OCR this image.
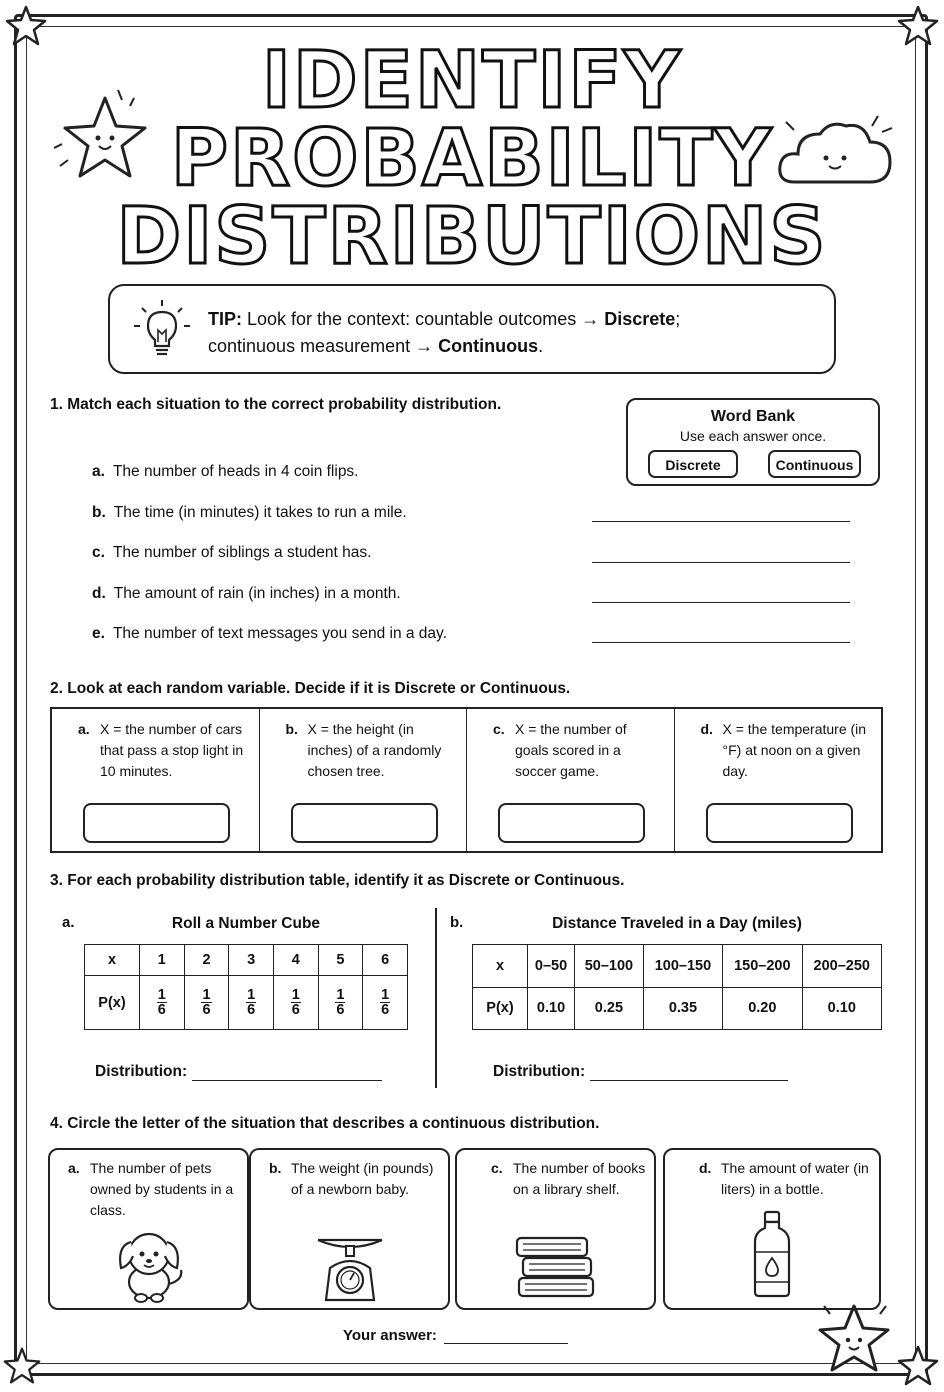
IDENTIFY
PROBABILITY
DISTRIBUTIONS
TIP: Look for the context: countable outcomes → Discrete;
continuous measurement → Continuous.
1. Match each situation to the correct probability distribution.
Word Bank
Use each answer once.
Discrete	Continuous
a. The number of heads in 4 coin flips.
b. The time (in minutes) it takes to run a mile.
c. The number of siblings a student has.
d. The amount of rain (in inches) in a month.
e. The number of text messages you send in a day.
2. Look at each random variable. Decide if it is Discrete or Continuous.
a. X = the number of cars that pass a stop light in 10 minutes.
b. X = the height (in inches) of a randomly chosen tree.
c. X = the number of goals scored in a soccer game.
d. X = the temperature (in °F) at noon on a given day.
3. For each probability distribution table, identify it as Discrete or Continuous.
a.	Roll a Number Cube
x	1	2	3	4	5	6
P(x)	$\frac{1}{6}$	$\frac{1}{6}$	$\frac{1}{6}$	$\frac{1}{6}$	$\frac{1}{6}$	$\frac{1}{6}$
Distribution:
b.	Distance Traveled in a Day (miles)
x	0–50	50–100	100–150	150–200	200–250
P(x)	0.10	0.25	0.35	0.20	0.10
Distribution:
4. Circle the letter of the situation that describes a continuous distribution.
a. The number of pets owned by students in a class.
b. The weight (in pounds) of a newborn baby.
c. The number of books on a library shelf.
d. The amount of water (in liters) in a bottle.
Your answer:
